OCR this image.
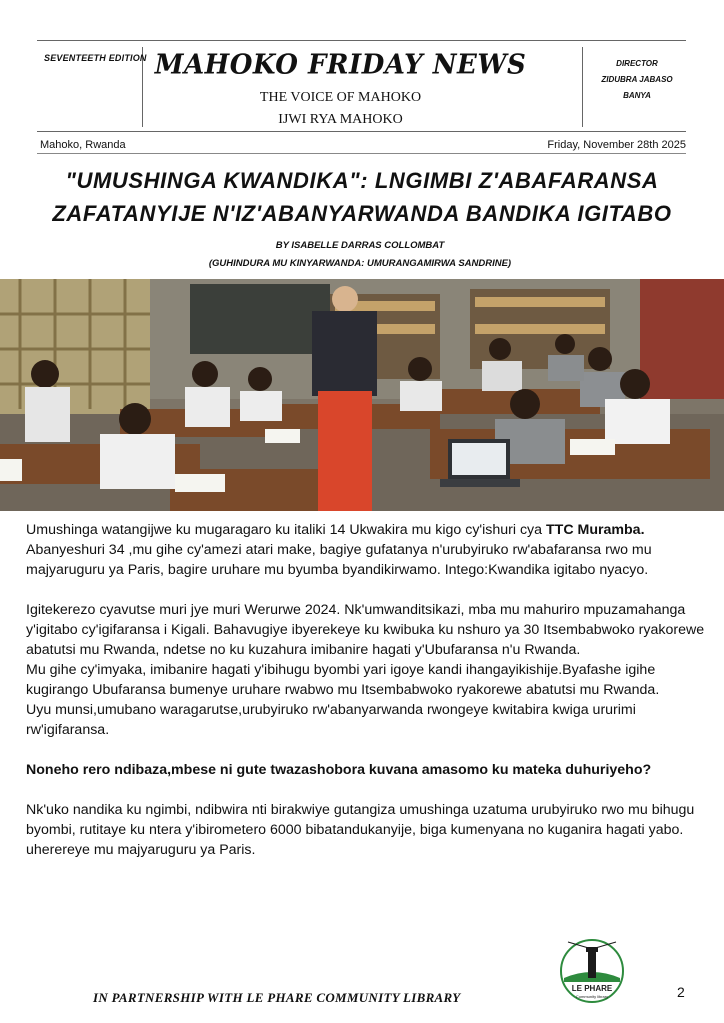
SEVENTEETH EDITION MAHOKO FRIDAY NEWS
THE VOICE OF MAHOKO
IJWI RYA MAHOKO
DIRECTOR
ZIDUBRA JABASO BANYA
Mahoko, Rwanda	Friday, November 28th 2025
"UMUSHINGA KWANDIKA": LNGIMBI Z'ABAFARANSA
ZAFATANYIJE N'IZ'ABANYARWANDA BANDIKA IGITABO
BY ISABELLE DARRAS COLLOMBAT
(GUHINDURA MU KINYARWANDA: UMURANGAMIRWA SANDRINE)

Umushinga watangijwe ku mugaragaro ku italiki 14 Ukwakira mu kigo cy'ishuri cya TTC Muramba. Abanyeshuri 34 ,mu gihe cy'amezi atari make, bagiye gufatanya n'urubyiruko rw'abafaransa rwo mu majyaruguru ya Paris, bagire uruhare mu byumba byandikirwamo. Intego:Kwandika igitabo nyacyo.

Igitekerezo cyavutse muri jye muri Werurwe 2024. Nk'umwanditsikazi, mba mu mahuriro mpuzamahanga y'igitabo cy'igifaransa i Kigali. Bahavugiye ibyerekeye ku kwibuka ku nshuro ya 30 Itsembabwoko ryakorewe abatutsi mu Rwanda, ndetse no ku kuzahura imibanire hagati y'Ubufaransa n'u Rwanda.

Mu gihe cy'imyaka, imibanire hagati y'ibihugu byombi yari igoye kandi ihangayikishije.Byafashe igihe kugirango Ubufaransa bumenye uruhare rwabwo mu Itsembabwoko ryakorewe abatutsi mu Rwanda.

Uyu munsi,umubano waragarutse,urubyiruko rw'abanyarwanda rwongeye kwitabira kwiga ururimi rw'igifaransa.

Noneho rero ndibaza,mbese ni gute twazashobora kuvana amasomo ku mateka duhuriyeho?

Nk'uko nandika ku ngimbi, ndibwira nti birakwiye gutangiza umushinga uzatuma urubyiruko rwo mu bihugu byombi, rutitaye ku ntera y'ibirometero 6000 bibatandukanyije, biga kumenyana no kuganira hagati yabo.

uherereye mu majyaruguru ya Paris.

LE PHARE
Community library
IN PARTNERSHIP WITH LE PHARE COMMUNITY LIBRARY	2
